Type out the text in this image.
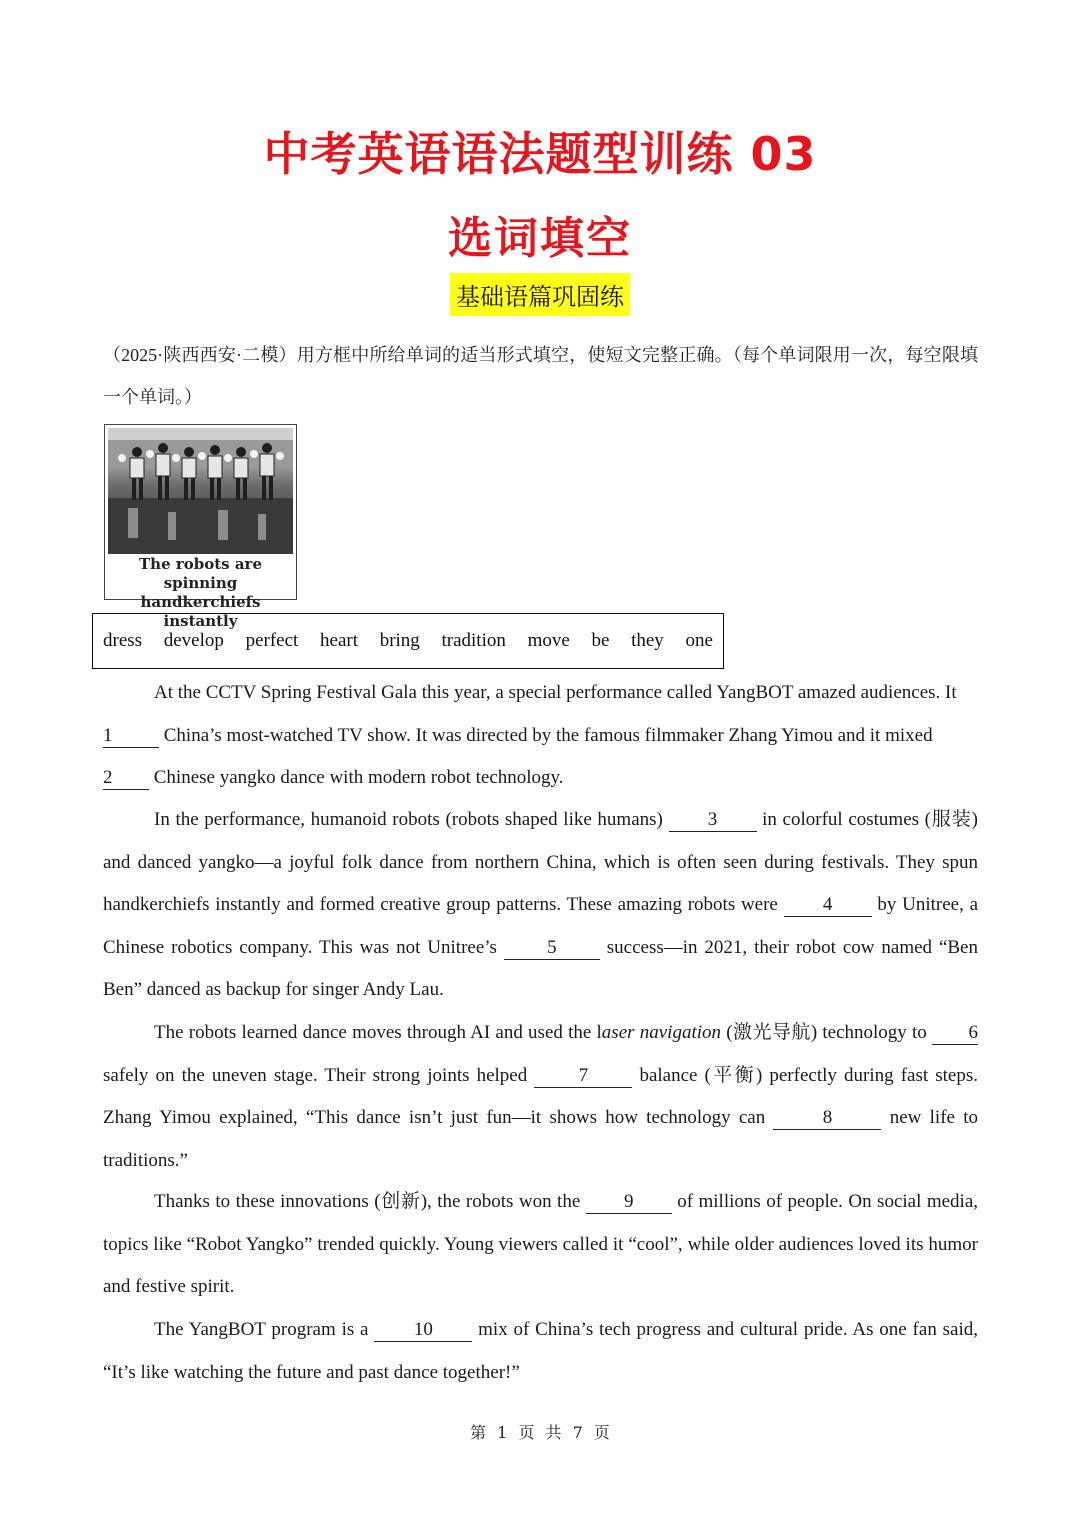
中考英语语法题型训练 03
选词填空
基础语篇巩固练
（2025·陕西西安·二模）用方框中所给单词的适当形式填空，使短文完整正确。（每个单词限用一次，每空限填一个单词。）
The robots are spinning
handkerchiefs instantly
dress develop perfect heart bring tradition move be they one
At the CCTV Spring Festival Gala this year, a special performance called YangBOT amazed audiences. It
1 China’s most-watched TV show. It was directed by the famous filmmaker Zhang Yimou and it mixed
2 Chinese yangko dance with modern robot technology.
In the performance, humanoid robots (robots shaped like humans) 3 in colorful costumes (服装) and danced yangko—a joyful folk dance from northern China, which is often seen during festivals. They spun handkerchiefs instantly and formed creative group patterns. These amazing robots were 4 by Unitree, a Chinese robotics company. This was not Unitree’s 5 success—in 2021, their robot cow named “Ben Ben” danced as backup for singer Andy Lau.
The robots learned dance moves through AI and used the laser navigation (激光导航) technology to 6 safely on the uneven stage. Their strong joints helped 7 balance (平衡) perfectly during fast steps. Zhang Yimou explained, “This dance isn’t just fun—it shows how technology can	8	new life to traditions.”
Thanks to these innovations (创新), the robots won the 9 of millions of people. On social media, topics like “Robot Yangko” trended quickly. Young viewers called it “cool”, while older audiences loved its humor and festive spirit.
The YangBOT program is a 10 mix of China’s tech progress and cultural pride. As one fan said, “It’s like watching the future and past dance together!”
第 1 页 共 7 页
